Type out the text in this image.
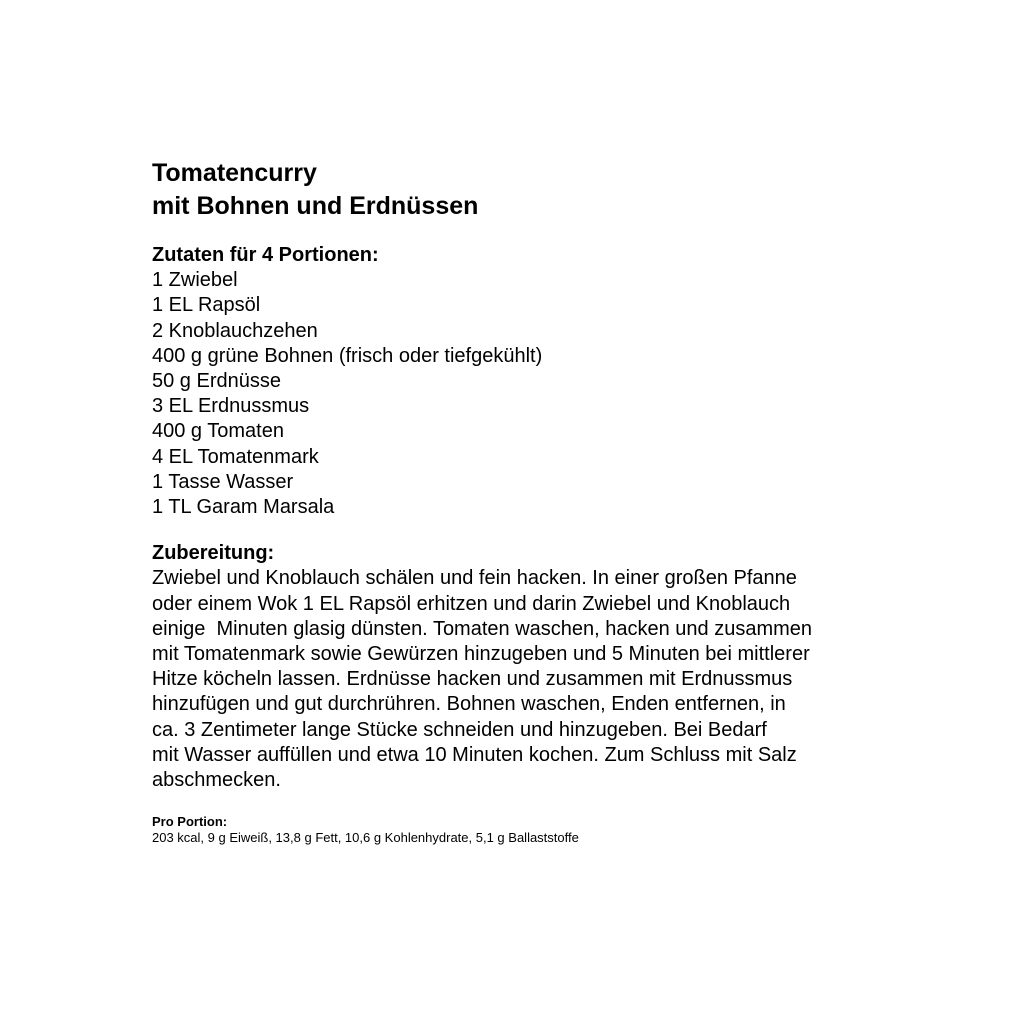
Tomatencurry
mit Bohnen und Erdnüssen
Zutaten für 4 Portionen:
1 Zwiebel
1 EL Rapsöl
2 Knoblauchzehen
400 g grüne Bohnen (frisch oder tiefgekühlt)
50 g Erdnüsse
3 EL Erdnussmus
400 g Tomaten
4 EL Tomatenmark
1 Tasse Wasser
1 TL Garam Marsala
Zubereitung:
Zwiebel und Knoblauch schälen und fein hacken. In einer großen Pfanne
oder einem Wok 1 EL Rapsöl erhitzen und darin Zwiebel und Knoblauch
einige  Minuten glasig dünsten. Tomaten waschen, hacken und zusammen
mit Tomatenmark sowie Gewürzen hinzugeben und 5 Minuten bei mittlerer
Hitze köcheln lassen. Erdnüsse hacken und zusammen mit Erdnussmus
hinzufügen und gut durchrühren. Bohnen waschen, Enden entfernen, in
ca. 3 Zentimeter lange Stücke schneiden und hinzugeben. Bei Bedarf
mit Wasser auffüllen und etwa 10 Minuten kochen. Zum Schluss mit Salz
abschmecken.
Pro Portion:
203 kcal, 9 g Eiweiß, 13,8 g Fett, 10,6 g Kohlenhydrate, 5,1 g Ballaststoffe
